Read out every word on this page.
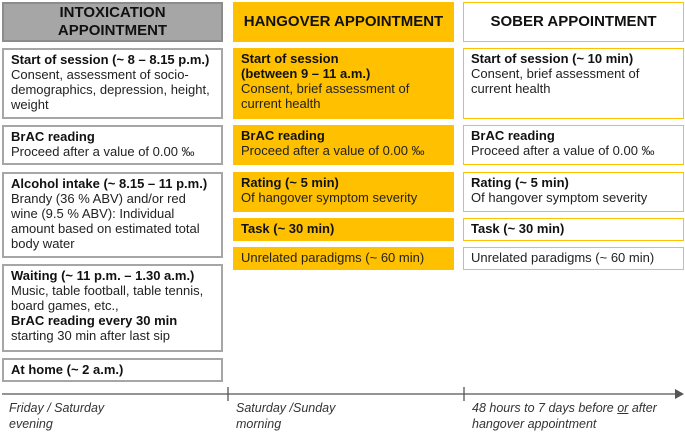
INTOXICATION APPOINTMENT
HANGOVER APPOINTMENT	SOBER APPOINTMENT
Start of session (~ 8 – 8.15 p.m.)
Consent, assessment of socio-demographics, depression, height, weight
BrAC reading
Proceed after a value of 0.00 ‰
Alcohol intake (~ 8.15 – 11 p.m.)
Brandy (36 % ABV) and/or red wine (9.5 % ABV): Individual amount based on estimated total body water
Waiting (~ 11 p.m. – 1.30 a.m.)
Music, table football, table tennis, board games, etc.,
BrAC reading every 30 min
starting 30 min after last sip
At home (~ 2 a.m.)
Start of session (between 9 – 11 a.m.)
Consent, brief assessment of current health
BrAC reading
Proceed after a value of 0.00 ‰
Rating (~ 5 min)
Of hangover symptom severity
Task (~ 30 min)
Unrelated paradigms (~ 60 min)
Start of session (~ 10 min)
Consent, brief assessment of current health
BrAC reading
Proceed after a value of 0.00 ‰
Rating (~ 5 min)
Of hangover symptom severity
Task (~ 30 min)
Unrelated paradigms (~ 60 min)
Friday / Saturday evening
Saturday /Sunday morning
48 hours to 7 days before or after hangover appointment
